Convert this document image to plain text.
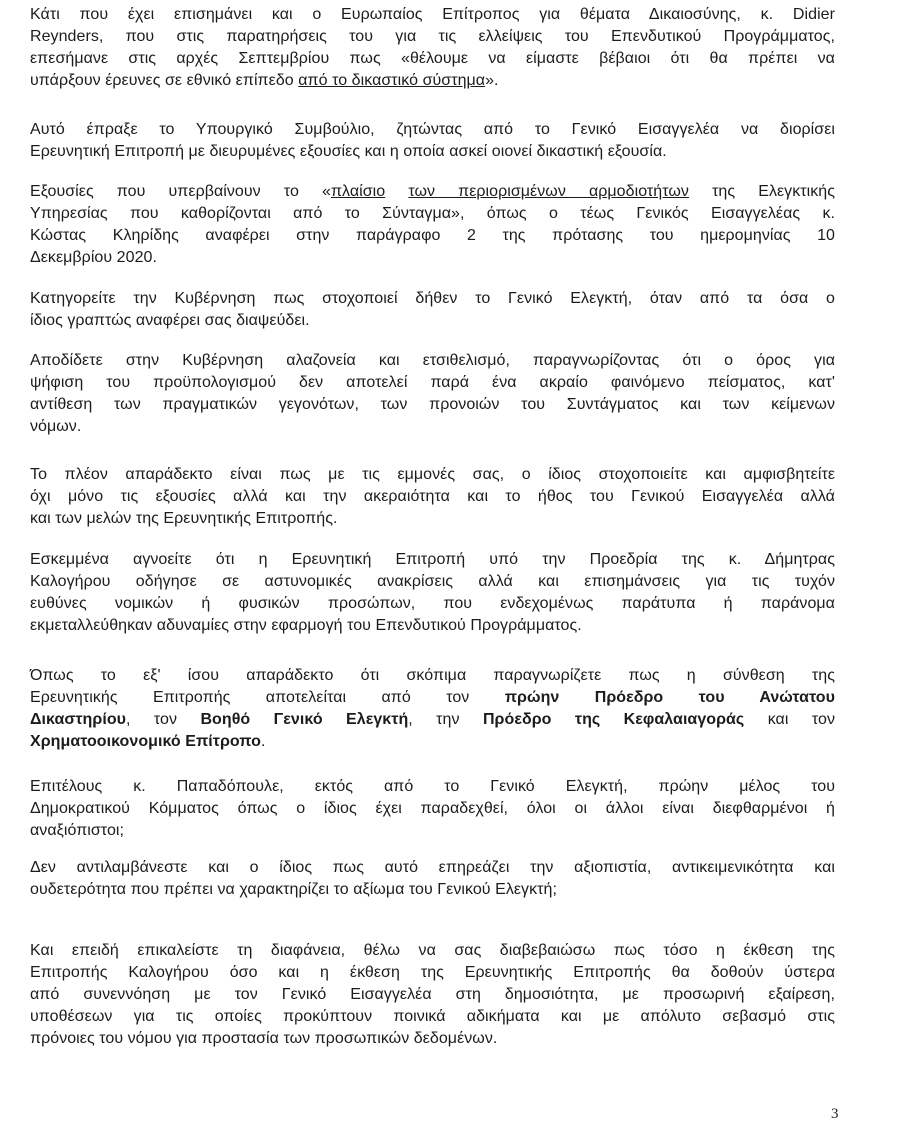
Κάτι που έχει επισημάνει και ο Ευρωπαίος Επίτροπος για θέματα Δικαιοσύνης, κ. Didier
Reynders, που στις παρατηρήσεις του για τις ελλείψεις του Επενδυτικού Προγράμματος,
επεσήμανε στις αρχές Σεπτεμβρίου πως «θέλουμε να είμαστε βέβαιοι ότι θα πρέπει να
υπάρξουν έρευνες σε εθνικό επίπεδο από το δικαστικό σύστημα».
Αυτό έπραξε το Υπουργικό Συμβούλιο, ζητώντας από το Γενικό Εισαγγελέα να διορίσει
Ερευνητική Επιτροπή με διευρυμένες εξουσίες και η οποία ασκεί οιονεί δικαστική εξουσία.
Εξουσίες που υπερβαίνουν το «πλαίσιο των περιορισμένων αρμοδιοτήτων της Ελεγκτικής
Υπηρεσίας που καθορίζονται από το Σύνταγμα», όπως ο τέως Γενικός Εισαγγελέας κ.
Κώστας Κληρίδης αναφέρει στην παράγραφο 2 της πρότασης του ημερομηνίας 10
Δεκεμβρίου 2020.
Κατηγορείτε την Κυβέρνηση πως στοχοποιεί δήθεν το Γενικό Ελεγκτή, όταν από τα όσα ο
ίδιος γραπτώς αναφέρει σας διαψεύδει.
Αποδίδετε στην Κυβέρνηση αλαζονεία και ετσιθελισμό, παραγνωρίζοντας ότι ο όρος για
ψήφιση του προϋπολογισμού δεν αποτελεί παρά ένα ακραίο φαινόμενο πείσματος, κατ'
αντίθεση των πραγματικών γεγονότων, των προνοιών του Συντάγματος και των κείμενων
νόμων.
Το πλέον απαράδεκτο είναι πως με τις εμμονές σας, ο ίδιος στοχοποιείτε και αμφισβητείτε
όχι μόνο τις εξουσίες αλλά και την ακεραιότητα και το ήθος του Γενικού Εισαγγελέα αλλά
και των μελών της Ερευνητικής Επιτροπής.
Εσκεμμένα αγνοείτε ότι η Ερευνητική Επιτροπή υπό την Προεδρία της κ. Δήμητρας
Καλογήρου οδήγησε σε αστυνομικές ανακρίσεις αλλά και επισημάνσεις για τις τυχόν
ευθύνες νομικών ή φυσικών προσώπων, που ενδεχομένως παράτυπα ή παράνομα
εκμεταλλεύθηκαν αδυναμίες στην εφαρμογή του Επενδυτικού Προγράμματος.
Όπως το εξ' ίσου απαράδεκτο ότι σκόπιμα παραγνωρίζετε πως η σύνθεση της
Ερευνητικής Επιτροπής αποτελείται από τον πρώην Πρόεδρο του Ανώτατου
Δικαστηρίου, τον Βοηθό Γενικό Ελεγκτή, την Πρόεδρο της Κεφαλαιαγοράς και τον
Χρηματοοικονομικό Επίτροπο.
Επιτέλους κ. Παπαδόπουλε, εκτός από το Γενικό Ελεγκτή, πρώην μέλος του
Δημοκρατικού Κόμματος όπως ο ίδιος έχει παραδεχθεί, όλοι οι άλλοι είναι διεφθαρμένοι ή
αναξιόπιστοι;
Δεν αντιλαμβάνεστε και ο ίδιος πως αυτό επηρεάζει την αξιοπιστία, αντικειμενικότητα και
ουδετερότητα που πρέπει να χαρακτηρίζει το αξίωμα του Γενικού Ελεγκτή;
Και επειδή επικαλείστε τη διαφάνεια, θέλω να σας διαβεβαιώσω πως τόσο η έκθεση της
Επιτροπής Καλογήρου όσο και η έκθεση της Ερευνητικής Επιτροπής θα δοθούν ύστερα
από συνεννόηση με τον Γενικό Εισαγγελέα στη δημοσιότητα, με προσωρινή εξαίρεση,
υποθέσεων για τις οποίες προκύπτουν ποινικά αδικήματα και με απόλυτο σεβασμό στις
πρόνοιες του νόμου για προστασία των προσωπικών δεδομένων.
3
